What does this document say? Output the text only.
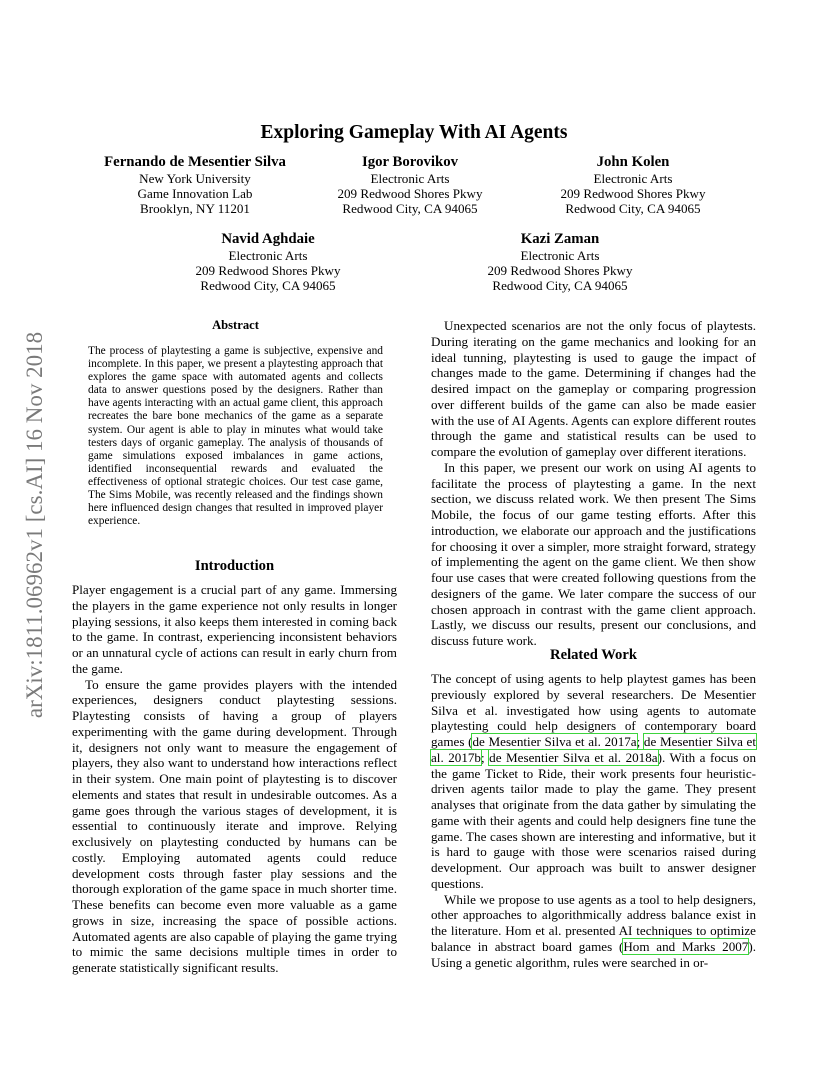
arXiv:1811.06962v1 [cs.AI] 16 Nov 2018
Exploring Gameplay With AI Agents
Fernando de Mesentier Silva
New York University
Game Innovation Lab
Brooklyn, NY 11201
Igor Borovikov
Electronic Arts
209 Redwood Shores Pkwy
Redwood City, CA 94065
John Kolen
Electronic Arts
209 Redwood Shores Pkwy
Redwood City, CA 94065
Navid Aghdaie
Electronic Arts
209 Redwood Shores Pkwy
Redwood City, CA 94065
Kazi Zaman
Electronic Arts
209 Redwood Shores Pkwy
Redwood City, CA 94065
Abstract

The process of playtesting a game is subjective, expensive and incomplete. In this paper, we present a playtesting approach that explores the game space with automated agents and collects data to answer questions posed by the designers. Rather than have agents interacting with an actual game client, this approach recreates the bare bone mechanics of the game as a separate system. Our agent is able to play in minutes what would take testers days of organic gameplay. The analysis of thousands of game simulations exposed imbalances in game actions, identified inconsequential rewards and evaluated the effectiveness of optional strategic choices. Our test case game, The Sims Mobile, was recently released and the findings shown here influenced design changes that resulted in improved player experience.

Introduction

Player engagement is a crucial part of any game. Immersing the players in the game experience not only results in longer playing sessions, it also keeps them interested in coming back to the game. In contrast, experiencing inconsistent behaviors or an unnatural cycle of actions can result in early churn from the game.

To ensure the game provides players with the intended experiences, designers conduct playtesting sessions. Playtesting consists of having a group of players experimenting with the game during development. Through it, designers not only want to measure the engagement of players, they also want to understand how interactions reflect in their system. One main point of playtesting is to discover elements and states that result in undesirable outcomes. As a game goes through the various stages of development, it is essential to continuously iterate and improve. Relying exclusively on playtesting conducted by humans can be costly. Employing automated agents could reduce development costs through faster play sessions and the thorough exploration of the game space in much shorter time. These benefits can become even more valuable as a game grows in size, increasing the space of possible actions. Automated agents are also capable of playing the game trying to mimic the same decisions multiple times in order to generate statistically significant results.

Unexpected scenarios are not the only focus of playtests. During iterating on the game mechanics and looking for an ideal tunning, playtesting is used to gauge the impact of changes made to the game. Determining if changes had the desired impact on the gameplay or comparing progression over different builds of the game can also be made easier with the use of AI Agents. Agents can explore different routes through the game and statistical results can be used to compare the evolution of gameplay over different iterations.

In this paper, we present our work on using AI agents to facilitate the process of playtesting a game. In the next section, we discuss related work. We then present The Sims Mobile, the focus of our game testing efforts. After this introduction, we elaborate our approach and the justifications for choosing it over a simpler, more straight forward, strategy of implementing the agent on the game client. We then show four use cases that were created following questions from the designers of the game. We later compare the success of our chosen approach in contrast with the game client approach. Lastly, we discuss our results, present our conclusions, and discuss future work.

Related Work

The concept of using agents to help playtest games has been previously explored by several researchers. De Mesentier Silva et al. investigated how using agents to automate playtesting could help designers of contemporary board games (de Mesentier Silva et al. 2017a; de Mesentier Silva et al. 2017b; de Mesentier Silva et al. 2018a). With a focus on the game Ticket to Ride, their work presents four heuristic-driven agents tailor made to play the game. They present analyses that originate from the data gather by simulating the game with their agents and could help designers fine tune the game. The cases shown are interesting and informative, but it is hard to gauge with those were scenarios raised during development. Our approach was built to answer designer questions.

While we propose to use agents as a tool to help designers, other approaches to algorithmically address balance exist in the literature. Hom et al. presented AI techniques to optimize balance in abstract board games (Hom and Marks 2007). Using a genetic algorithm, rules were searched in or-
